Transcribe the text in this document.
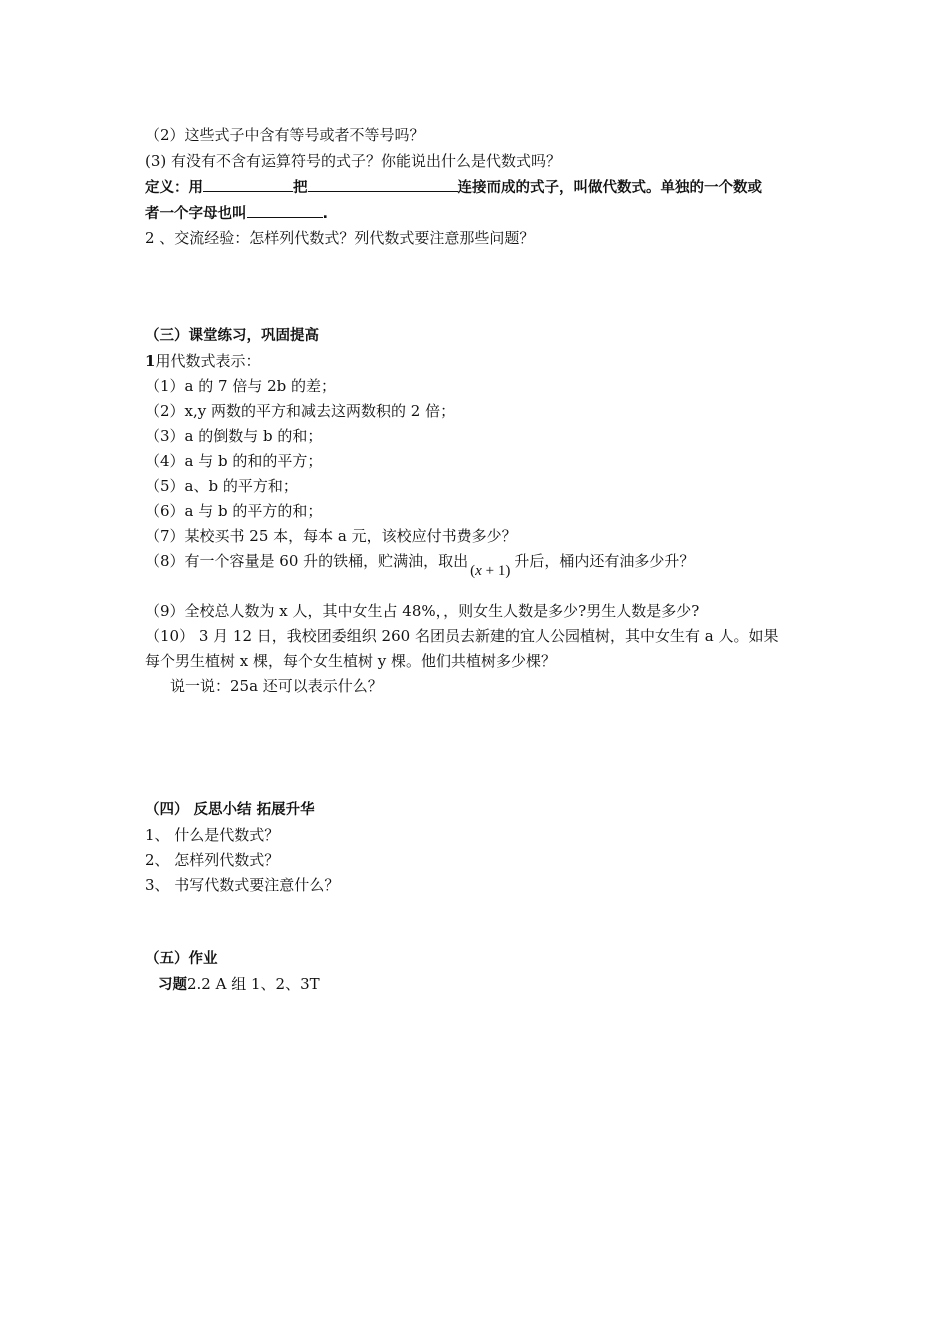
（2）这些式子中含有等号或者不等号吗？
(3) 有没有不含有运算符号的式子？你能说出什么是代数式吗？
定义：用	把	连接而成的式子，叫做代数式。单独的一个数或
者一个字母也叫	.
2 、交流经验：怎样列代数式？列代数式要注意那些问题？
（三）课堂练习，巩固提高
1用代数式表示：
（1）a 的 7 倍与 2b 的差；
（2）x,y 两数的平方和减去这两数积的 2 倍；
（3）a 的倒数与 b 的和；
（4）a 与 b 的和的平方；
（5）a、b 的平方和；
（6）a 与 b 的平方的和；
（7）某校买书 25 本，每本 a 元，该校应付书费多少？
（8）有一个容量是 60 升的铁桶，贮满油，取出(x + 1)升后，桶内还有油多少升？
（9）全校总人数为 x 人，其中女生占 48%，，则女生人数是多少?男生人数是多少?
（10） 3 月 12 日，我校团委组织 260 名团员去新建的宜人公园植树，其中女生有 a 人。如果
每个男生植树 x 棵，每个女生植树 y 棵。他们共植树多少棵？
说一说：25a 还可以表示什么？
（四） 反思小结 拓展升华
1、 什么是代数式？
2、 怎样列代数式？
3、 书写代数式要注意什么？
（五）作业
习题2.2 A 组 1、2、3T
